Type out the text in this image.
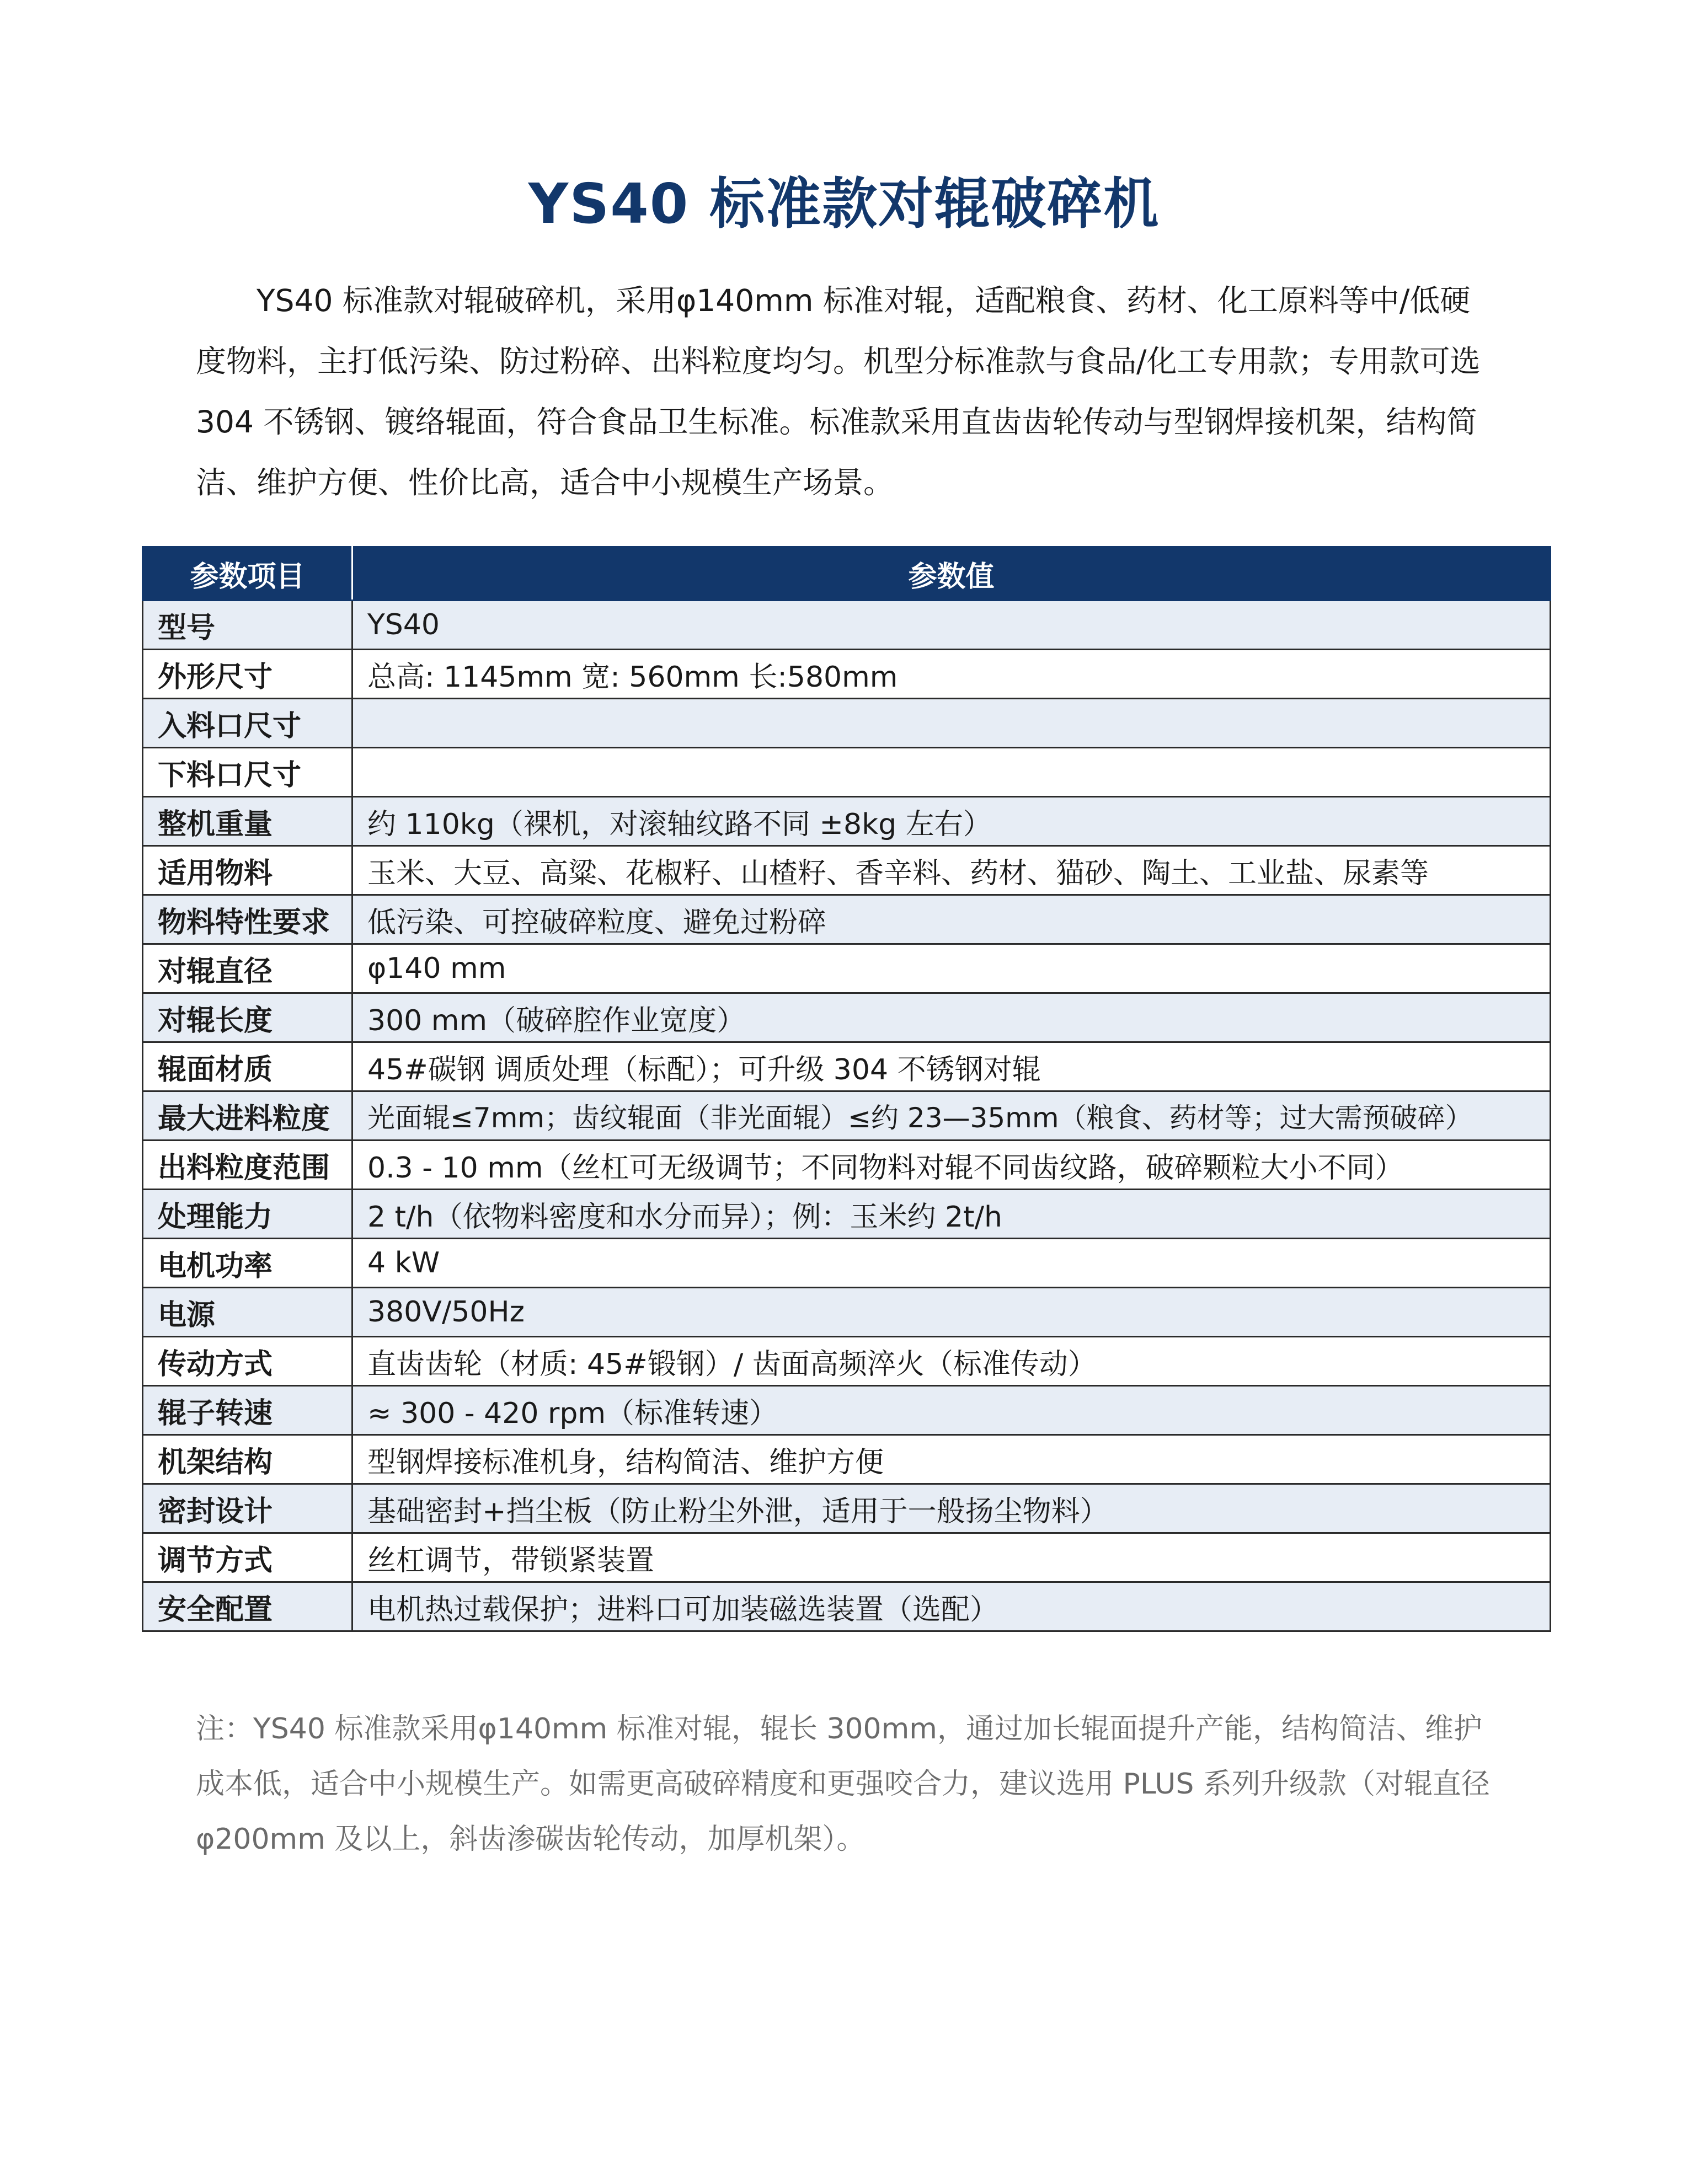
YS40 标准款对辊破碎机

YS40 标准款对辊破碎机，采用φ140mm 标准对辊，适配粮食、药材、化工原料等中/低硬度物料，主打低污染、防过粉碎、出料粒度均匀。机型分标准款与食品/化工专用款；专用款可选 304 不锈钢、镀络辊面，符合食品卫生标准。标准款采用直齿齿轮传动与型钢焊接机架，结构简洁、维护方便、性价比高，适合中小规模生产场景。

参数项目	参数值
型号	YS40
外形尺寸	总高: 1145mm 宽: 560mm 长:580mm
入料口尺寸	
下料口尺寸	
整机重量	约 110kg（裸机，对滚轴纹路不同 ±8kg 左右）
适用物料	玉米、大豆、高粱、花椒籽、山楂籽、香辛料、药材、猫砂、陶土、工业盐、尿素等
物料特性要求	低污染、可控破碎粒度、避免过粉碎
对辊直径	φ140 mm
对辊长度	300 mm（破碎腔作业宽度）
辊面材质	45#碳钢 调质处理（标配）；可升级 304 不锈钢对辊
最大进料粒度	光面辊≤7mm；齿纹辊面（非光面辊）≤约 23—35mm（粮食、药材等；过大需预破碎）
出料粒度范围	0.3 - 10 mm（丝杠可无级调节；不同物料对辊不同齿纹路，破碎颗粒大小不同）
处理能力	2 t/h（依物料密度和水分而异）；例：玉米约 2t/h
电机功率	4 kW
电源	380V/50Hz
传动方式	直齿齿轮（材质: 45#锻钢）/ 齿面高频淬火（标准传动）
辊子转速	≈ 300 - 420 rpm（标准转速）
机架结构	型钢焊接标准机身，结构简洁、维护方便
密封设计	基础密封+挡尘板（防止粉尘外泄，适用于一般扬尘物料）
调节方式	丝杠调节，带锁紧装置
安全配置	电机热过载保护；进料口可加装磁选装置（选配）

注：YS40 标准款采用φ140mm 标准对辊，辊长 300mm，通过加长辊面提升产能，结构简洁、维护成本低，适合中小规模生产。如需更高破碎精度和更强咬合力，建议选用 PLUS 系列升级款（对辊直径φ200mm 及以上，斜齿渗碳齿轮传动，加厚机架）。
